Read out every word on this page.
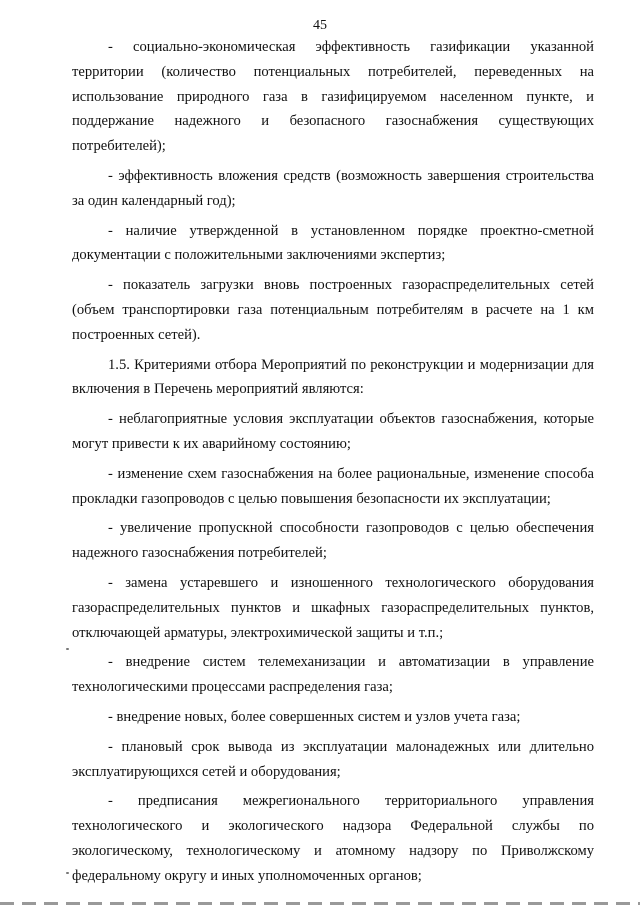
45

- социально-экономическая эффективность газификации указанной территории (количество потенциальных потребителей, переведенных на использование природного газа в газифицируемом населенном пункте, и поддержание надежного и безопасного газоснабжения существующих потребителей);

- эффективность вложения средств (возможность завершения строительства за один календарный год);

- наличие утвержденной в установленном порядке проектно-сметной документации с положительными заключениями экспертиз;

- показатель загрузки вновь построенных газораспределительных сетей (объем транспортировки газа потенциальным потребителям в расчете на 1 км построенных сетей).

1.5. Критериями отбора Мероприятий по реконструкции и модернизации для включения в Перечень мероприятий являются:

- неблагоприятные условия эксплуатации объектов газоснабжения, которые могут привести к их аварийному состоянию;

- изменение схем газоснабжения на более рациональные, изменение способа прокладки газопроводов с целью повышения безопасности их эксплуатации;

- увеличение пропускной способности газопроводов с целью обеспечения надежного газоснабжения потребителей;

- замена устаревшего и изношенного технологического оборудования газораспределительных пунктов и шкафных газораспределительных пунктов, отключающей арматуры, электрохимической защиты и т.п.;

- внедрение систем телемеханизации и автоматизации в управление технологическими процессами распределения газа;

- внедрение новых, более совершенных систем и узлов учета газа;

- плановый срок вывода из эксплуатации малонадежных или длительно эксплуатирующихся сетей и оборудования;

- предписания межрегионального территориального управления технологического и экологического надзора Федеральной службы по экологическому, технологическому и атомному надзору по Приволжскому федеральному округу и иных уполномоченных органов;
